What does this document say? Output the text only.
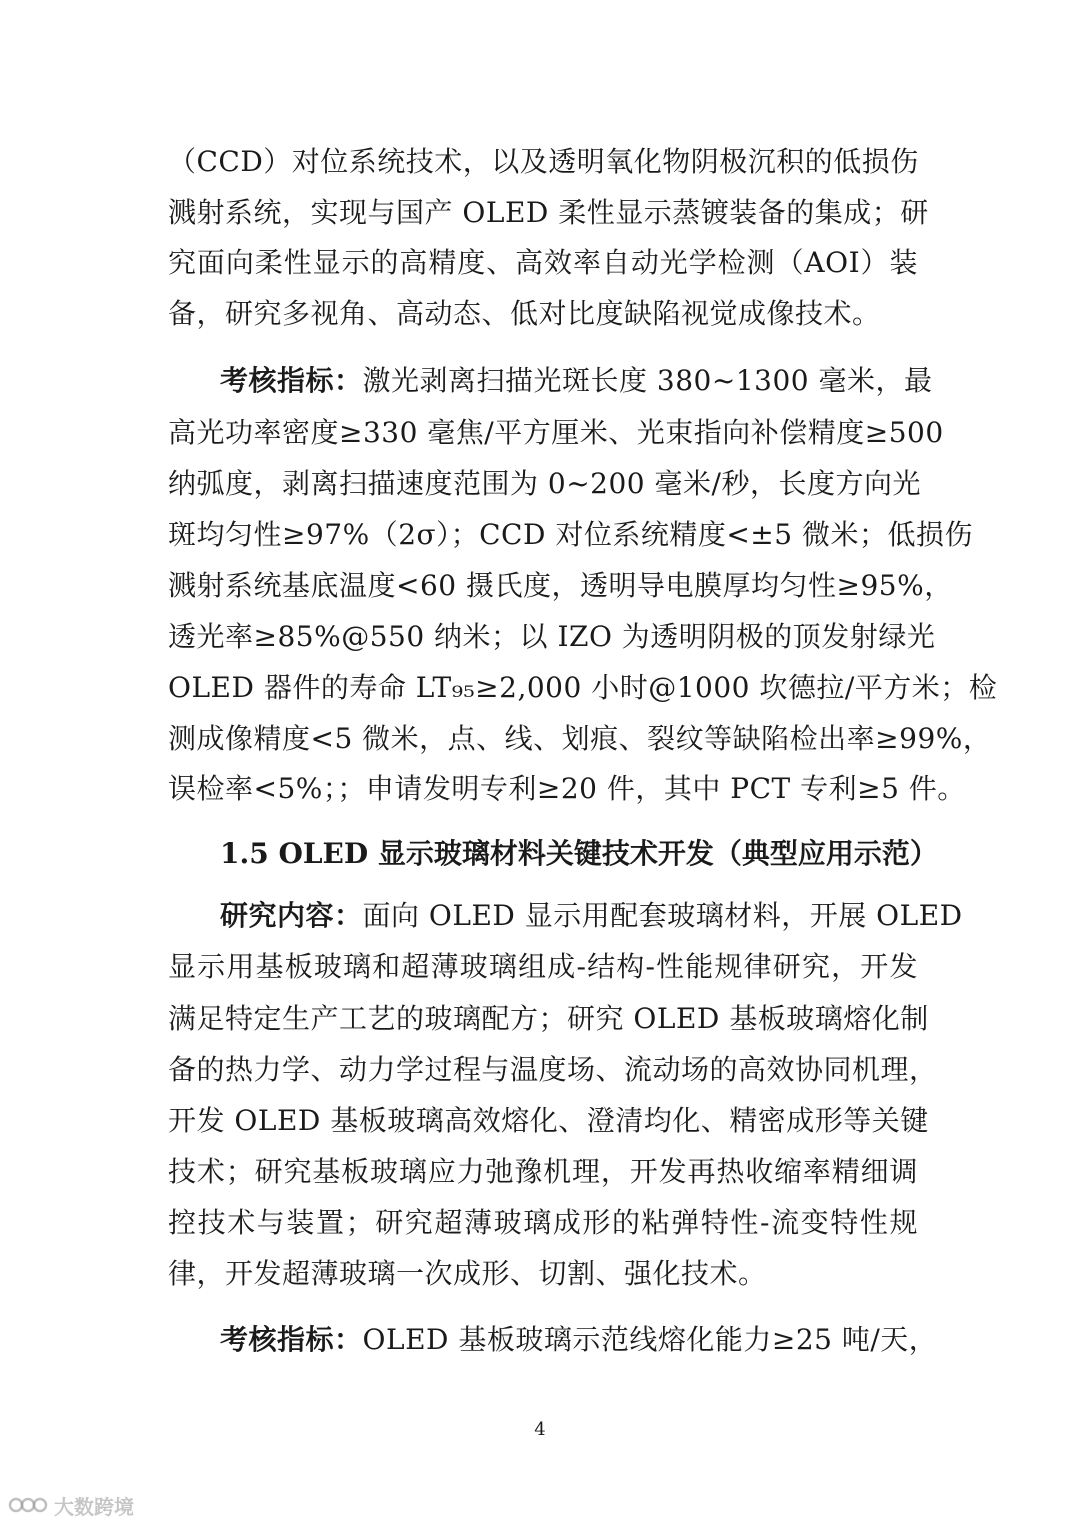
（CCD）对位系统技术，以及透明氧化物阴极沉积的低损伤
溅射系统，实现与国产 OLED 柔性显示蒸镀装备的集成；研
究面向柔性显示的高精度、高效率自动光学检测（AOI）装
备，研究多视角、高动态、低对比度缺陷视觉成像技术。
考核指标：激光剥离扫描光斑长度 380~1300 毫米，最
高光功率密度≥330 毫焦/平方厘米、光束指向补偿精度≥500
纳弧度，剥离扫描速度范围为 0~200 毫米/秒，长度方向光
斑均匀性≥97%（2σ）；CCD 对位系统精度<±5 微米；低损伤
溅射系统基底温度<60 摄氏度，透明导电膜厚均匀性≥95%，
透光率≥85%@550 纳米；以 IZO 为透明阴极的顶发射绿光
OLED 器件的寿命 LT₉₅≥2,000 小时@1000 坎德拉/平方米；检
测成像精度<5 微米，点、线、划痕、裂纹等缺陷检出率≥99%，
误检率<5%；；申请发明专利≥20 件，其中 PCT 专利≥5 件。
1.5 OLED 显示玻璃材料关键技术开发（典型应用示范）
研究内容：面向 OLED 显示用配套玻璃材料，开展 OLED
显示用基板玻璃和超薄玻璃组成-结构-性能规律研究，开发
满足特定生产工艺的玻璃配方；研究 OLED 基板玻璃熔化制
备的热力学、动力学过程与温度场、流动场的高效协同机理，
开发 OLED 基板玻璃高效熔化、澄清均化、精密成形等关键
技术；研究基板玻璃应力弛豫机理，开发再热收缩率精细调
控技术与装置；研究超薄玻璃成形的粘弹特性-流变特性规
律，开发超薄玻璃一次成形、切割、强化技术。
考核指标：OLED 基板玻璃示范线熔化能力≥25 吨/天，
4
大数跨境
